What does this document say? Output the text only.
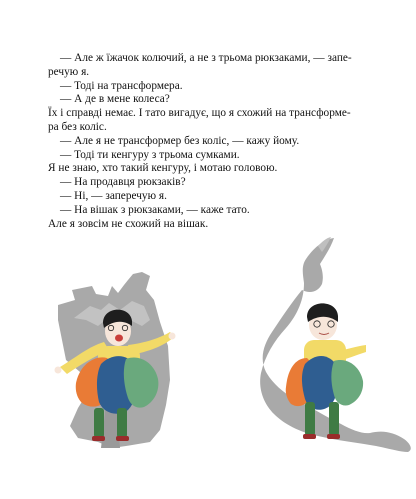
— Але ж їжачок колючий, а не з трьома рюкзаками, — запе-

речую я.

— Тоді на трансформера.

— А де в мене колеса?

Їх і справді немає. І тато вигадує, що я схожий на трансформе-

ра без коліс.

— Але я не трансформер без коліс, — кажу йому.

— Тоді ти кенгуру з трьома сумками.

Я не знаю, хто такий кенгуру, і мотаю головою.

— На продавця рюкзаків?

— Ні, — заперечую я.

— На вішак з рюкзаками, — каже тато.

Але я зовсім не схожий на вішак.
